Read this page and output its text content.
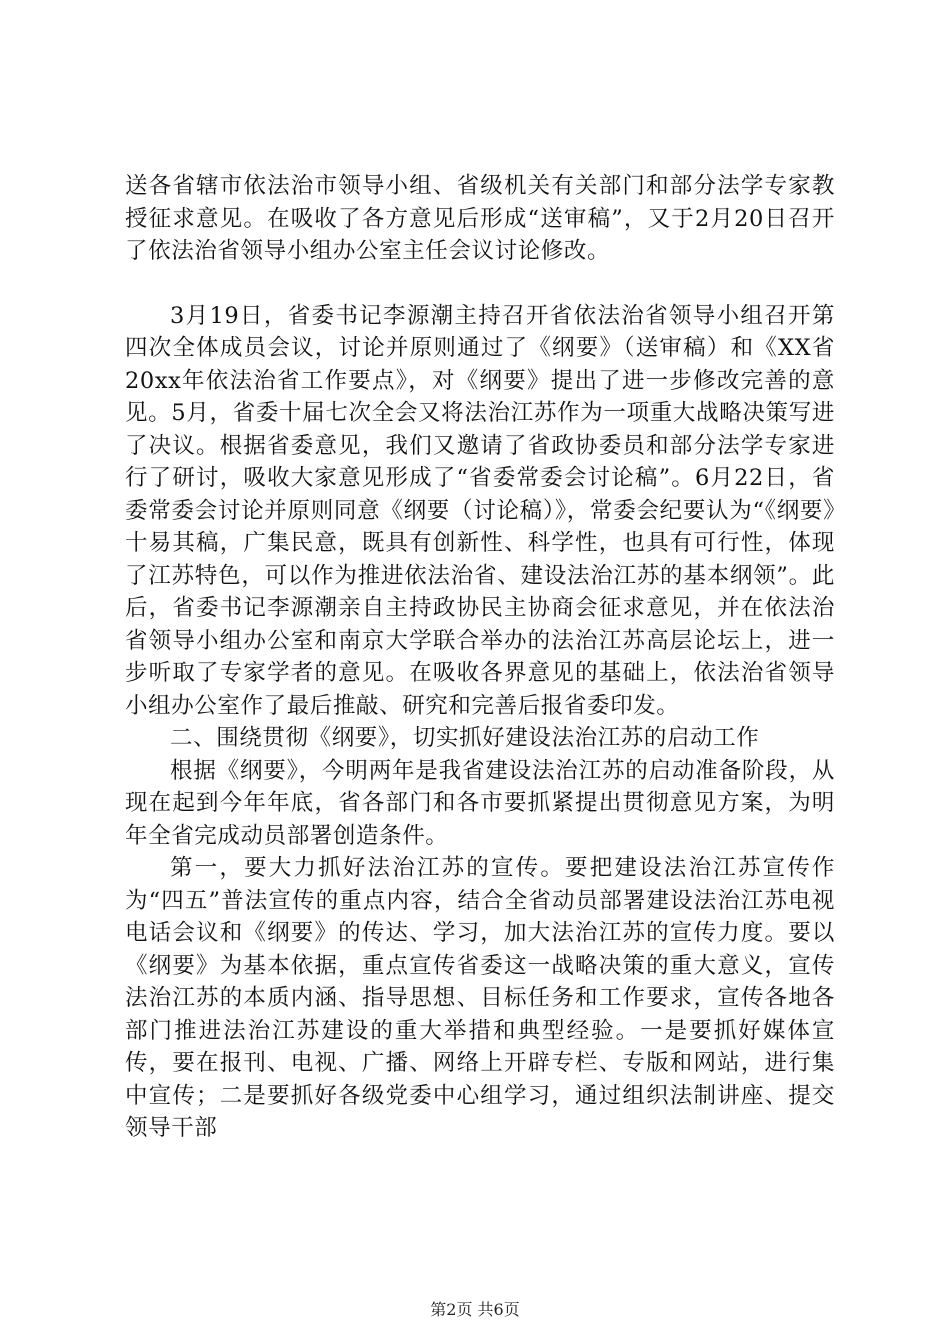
送各省辖市依法治市领导小组、省级机关有关部门和部分法学专家教授征求意见。在吸收了各方意见后形成“送审稿”，又于2月20日召开了依法治省领导小组办公室主任会议讨论修改。

3月19日，省委书记李源潮主持召开省依法治省领导小组召开第四次全体成员会议，讨论并原则通过了《纲要》（送审稿）和《XX省20xx年依法治省工作要点》，对《纲要》提出了进一步修改完善的意见。5月，省委十届七次全会又将法治江苏作为一项重大战略决策写进了决议。根据省委意见，我们又邀请了省政协委员和部分法学专家进行了研讨，吸收大家意见形成了“省委常委会讨论稿”。6月22日，省委常委会讨论并原则同意《纲要（讨论稿）》，常委会纪要认为“《纲要》十易其稿，广集民意，既具有创新性、科学性，也具有可行性，体现了江苏特色，可以作为推进依法治省、建设法治江苏的基本纲领”。此后，省委书记李源潮亲自主持政协民主协商会征求意见，并在依法治省领导小组办公室和南京大学联合举办的法治江苏高层论坛上，进一步听取了专家学者的意见。在吸收各界意见的基础上，依法治省领导小组办公室作了最后推敲、研究和完善后报省委印发。

二、围绕贯彻《纲要》，切实抓好建设法治江苏的启动工作

根据《纲要》，今明两年是我省建设法治江苏的启动准备阶段，从现在起到今年年底，省各部门和各市要抓紧提出贯彻意见方案，为明年全省完成动员部署创造条件。

第一，要大力抓好法治江苏的宣传。要把建设法治江苏宣传作为“四五”普法宣传的重点内容，结合全省动员部署建设法治江苏电视电话会议和《纲要》的传达、学习，加大法治江苏的宣传力度。要以《纲要》为基本依据，重点宣传省委这一战略决策的重大意义，宣传法治江苏的本质内涵、指导思想、目标任务和工作要求，宣传各地各部门推进法治江苏建设的重大举措和典型经验。一是要抓好媒体宣传，要在报刊、电视、广播、网络上开辟专栏、专版和网站，进行集中宣传；二是要抓好各级党委中心组学习，通过组织法制讲座、提交领导干部

第2页 共6页
